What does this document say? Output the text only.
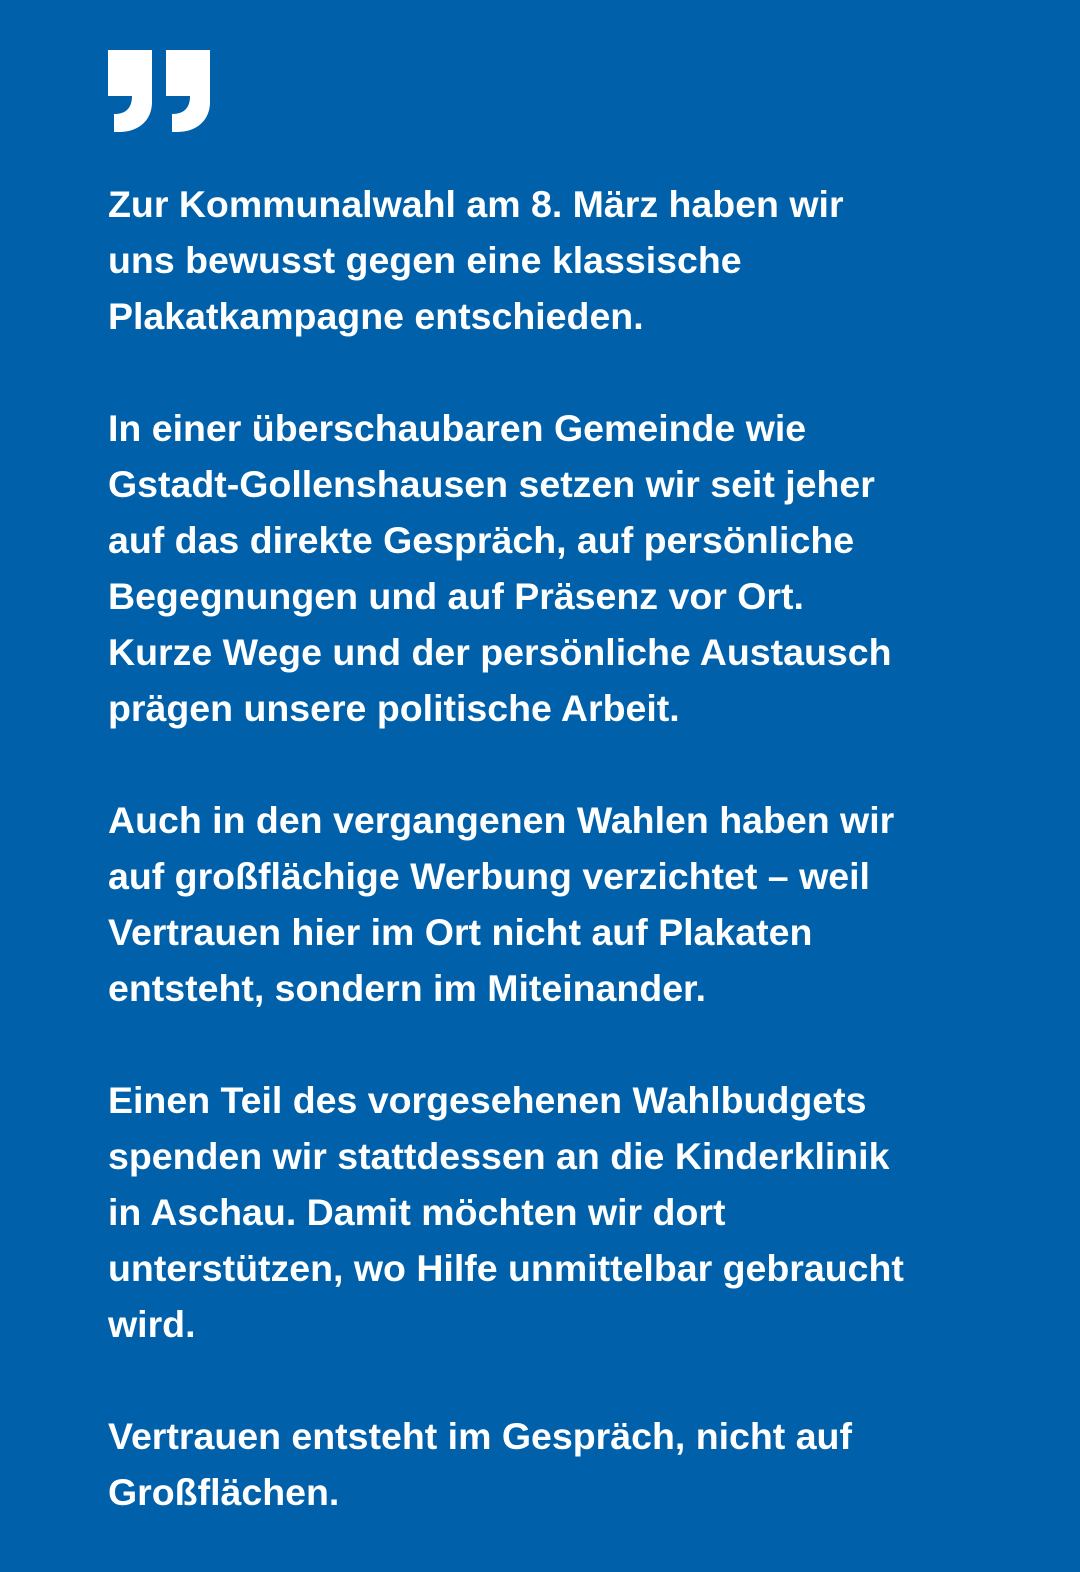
Zur Kommunalwahl am 8. März haben wir
uns bewusst gegen eine klassische
Plakatkampagne entschieden.

In einer überschaubaren Gemeinde wie
Gstadt-Gollenshausen setzen wir seit jeher
auf das direkte Gespräch, auf persönliche
Begegnungen und auf Präsenz vor Ort.
Kurze Wege und der persönliche Austausch
prägen unsere politische Arbeit.

Auch in den vergangenen Wahlen haben wir
auf großflächige Werbung verzichtet – weil
Vertrauen hier im Ort nicht auf Plakaten
entsteht, sondern im Miteinander.

Einen Teil des vorgesehenen Wahlbudgets
spenden wir stattdessen an die Kinderklinik
in Aschau. Damit möchten wir dort
unterstützen, wo Hilfe unmittelbar gebraucht
wird.

Vertrauen entsteht im Gespräch, nicht auf
Großflächen.
